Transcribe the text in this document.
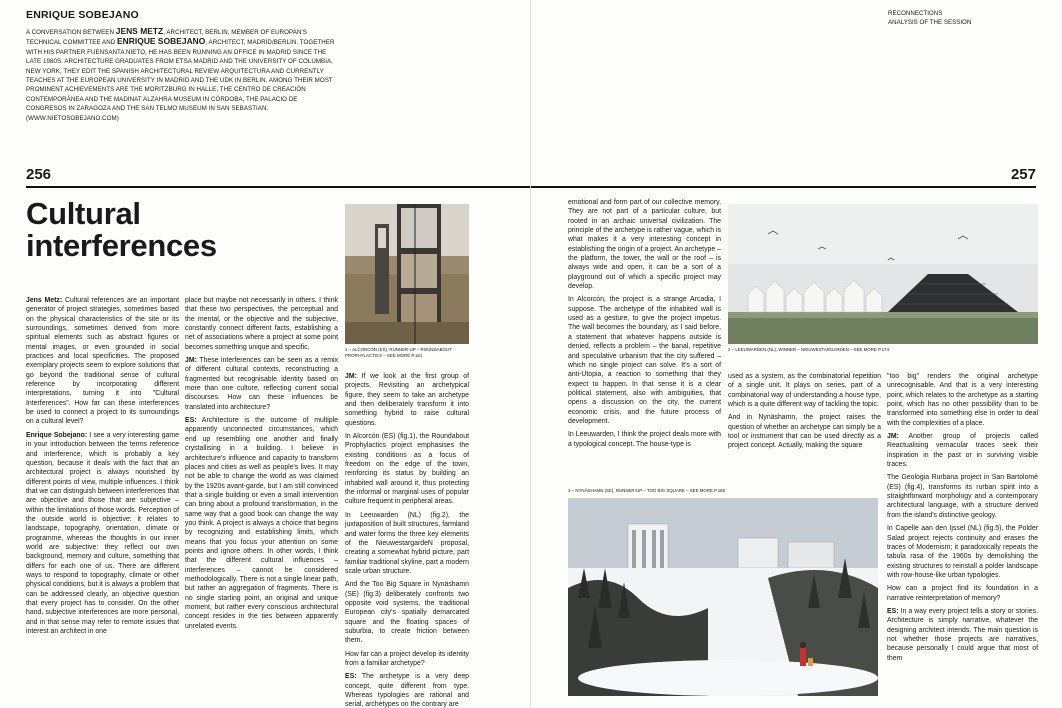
ENRIQUE SOBEJANO
A CONVERSATION BETWEEN JENS METZ, ARCHITECT, BERLIN, MEMBER OF EUROPAN'S TECHNICAL COMMITTEE AND ENRIQUE SOBEJANO, ARCHITECT, MADRID/BERLIN. TOGETHER WITH HIS PARTNER FUENSANTA NIETO, HE HAS BEEN RUNNING AN OFFICE IN MADRID SINCE THE LATE 1980S. ARCHITECTURE GRADUATES FROM ETSA MADRID AND THE UNIVERSITY OF COLUMBIA, NEW YORK, THEY EDIT THE SPANISH ARCHITECTURAL REVIEW ARQUITECTURA AND CURRENTLY TEACHES AT THE EUROPEAN UNIVERSITY IN MADRID AND THE UDK IN BERLIN. AMONG THEIR MOST PROMINENT ACHIEVEMENTS ARE THE MORITZBURG IN HALLE, THE CENTRO DE CREACIÓN CONTEMPORÁNEA AND THE MADINAT ALZAHRA MUSEUM IN CÓRDOBA, THE PALACIO DE CONGRESOS IN ZARAGOZA AND THE SAN TELMO MUSEUM IN SAN SEBASTIAN.
(WWW.NIETOSOBEJANO.COM)
256
Cultural
interferences

Jens Metz: Cultural references are an important generator of project strategies, sometimes based on the physical characteristics of the site or its surroundings, sometimes derived from more spiritual elements such as abstract figures or mental images, or even grounded in social practices and local specificities. The proposed exemplary projects seem to explore solutions that go beyond the traditional sense of cultural reference by incorporating different interpretations, turning it into "Cultural Interferences". How far can these interferences be used to connect a project to its surroundings on a cultural level?

Enrique Sobejano: I see a very interesting game in your introduction between the terms reference and interference, which is probably a key question, because it deals with the fact that an architectural project is always nourished by different points of view, multiple influences. I think that we can distinguish between interferences that are objective and those that are subjective – within the limitations of those words. Perception of the outside world is objective: it relates to landscape, topography, orientation, climate or programme, whereas the thoughts in our inner world are subjective: they reflect our own background, memory and culture, something that differs for each one of us. There are different ways to respond to topography, climate or other physical conditions, but it is always a problem that can be addressed clearly, an objective question that every project has to consider. On the other hand, subjective interferences are more personal, and in that sense may refer to remote issues that interest an architect in one

place but maybe not necessarily in others. I think that these two perspectives, the perceptual and the mental, or the objective and the subjective, constantly connect different facts, establishing a net of associations where a project at some point becomes something unique and specific.

JM: These interferences can be seen as a remix of different cultural contexts, reconstructing a fragmented but recognisable identity based on more than one culture, reflecting current social discourses. How can these influences be translated into architecture?

ES: Architecture is the outcome of multiple apparently unconnected circumstances, which end up resembling one another and finally crystallising in a building. I believe in architecture's influence and capacity to transform places and cities as well as people's lives. It may not be able to change the world as was claimed by the 1920s avant-garde, but I am still convinced that a single building or even a small intervention can bring about a profound transformation, in the same way that a good book can change the way you think. A project is always a choice that begins by recognizing and establishing limits, which means that you focus your attention on some points and ignore others. In other words, I think that the different cultural influences – interferences – cannot be considered methodologically. There is not a single linear path, but rather an aggregation of fragments. There is no single starting point, an original and unique moment, but rather every conscious architectural concept resides in the ties between apparently unrelated events.

1 – ALCORCÓN (ES), RUNNER-UP – ROUNDABOUT PROPHYLACTICS – SEE MORE P.181

JM: If we look at the first group of projects, Revisiting an archetypical figure, they seem to take an archetype and then deliberately transform it into something hybrid to raise cultural questions.

In Alcorcón (ES) (fig.1), the Roundabout Prophylactics project emphasises the existing conditions as a focus of freedom on the edge of the town, reinforcing its status by building an inhabited wall around it, thus protecting the informal or marginal uses of popular culture frequent in peripheral areas.

In Leeuwarden (NL) (fig.2), the juxtaposition of built structures, farmland and water forms the three key elements of the NieuwestargardeN proposal, creating a somewhat hybrid picture, part familiar traditional skyline, part a modern scale urban structure.

And the Too Big Square in Nynäshamn (SE) (fig.3) deliberately confronts two opposite void systems, the traditional European city's spatially demarcated square and the floating spaces of suburbia, to create friction between them.

How far can a project develop its identity from a familiar archetype?

ES: The archetype is a very deep concept, quite different from type. Whereas typologies are rational and serial, archetypes on the contrary are

RECONNECTIONS
ANALYSIS OF THE SESSION
257

emotional and form part of our collective memory. They are not part of a particular culture, but rooted in an archaic universal civilization. The principle of the archetype is rather vague, which is what makes it a very interesting concept in establishing the origin of a project. An archetype – the platform, the tower, the wall or the roof – is always wide and open, it can be a sort of a playground out of which a specific project may develop.

In Alcorcón, the project is a strange Arcadia, I suppose. The archetype of the inhabited wall is used as a gesture, to give the project impetus. The wall becomes the boundary, as I said before, a statement that whatever happens outside is denied, reflects a problem – the banal, repetitive and speculative urbanism that the city suffered – which no single project can solve. It's a sort of anti-Utopia, a reaction to something that they expect to happen. In that sense it is a clear political statement, also with ambiguities, that opens a discussion on the city, the current economic crisis, and the future process of development.

In Leeuwarden, I think the project deals more with a typological concept. The house-type is

2 – LEEUWARDEN (NL), WINNER – NIEUWESTARGARDEN – SEE MORE P.174

used as a system, as the combinatorial repetition of a single unit. It plays on series, part of a combinatorial way of understanding a house type, which is a quite different way of tackling the topic.

And in Nynäshamn, the project raises the question of whether an archetype can simply be a tool or instrument that can be used directly as a project concept. Actually, making the square

"too big" renders the original archetype unrecognisable. And that is a very interesting point, which relates to the archetype as a starting point, which has no other possibility than to be transformed into something else in order to deal with the complexities of a place.

JM: Another group of projects called Reactualising vernacular traces seek their inspiration in the past or in surviving visible traces.

The Geologia Rurbana project in San Bartolomé (ES) (fig.4), transforms its rurban spirit into a straightforward morphology and a contemporary architectural language, with a structure derived from the island's distinctive geology.

In Capelle aan den Ijssel (NL) (fig.5), the Polder Salad project rejects continuity and erases the traces of Modernism; it paradoxically repeats the tabula rasa of the 1960s by demolishing the existing structures to reinstall a polder landscape with row-house-like urban typologies.

How can a project find its foundation in a narrative reinterpretation of memory?

ES: In a way every project tells a story or stories. Architecture is simply narrative, whatever the designing architect intends. The main question is not whether those projects are narratives, because personally I could argue that most of them

3 – NYNÄSHAMN (SE), RUNNER-UP – TOO BIG SQUARE – SEE MORE P.185
